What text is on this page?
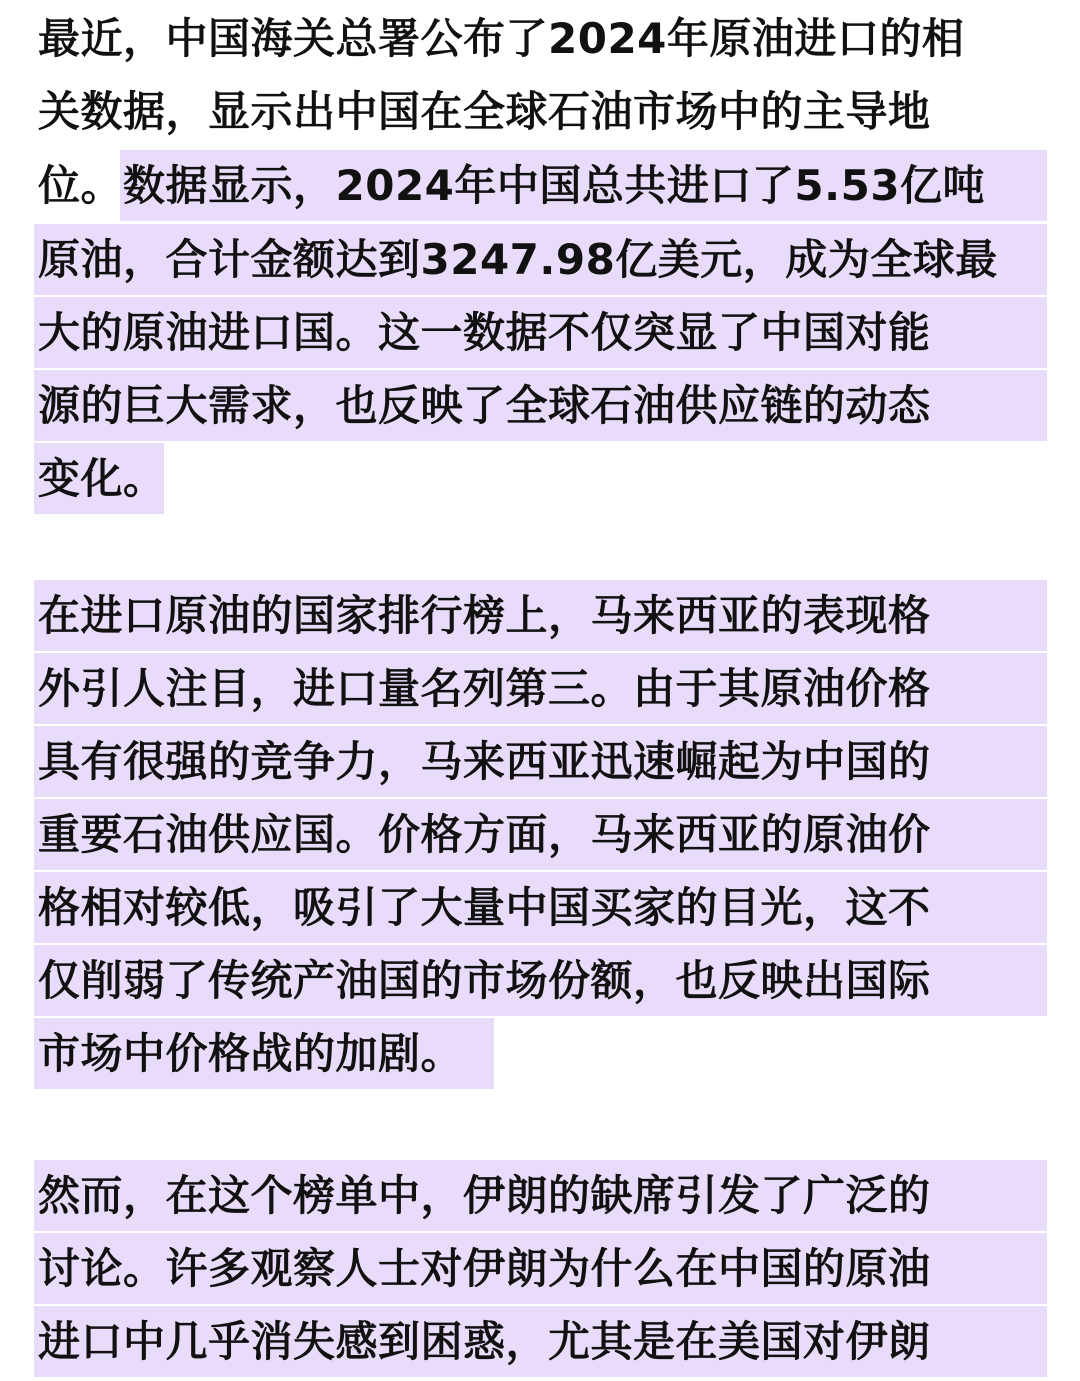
最近，中国海关总署公布了2024年原油进口的相
关数据，显示出中国在全球石油市场中的主导地
位。数据显示，2024年中国总共进口了5.53亿吨
原油，合计金额达到3247.98亿美元，成为全球最
大的原油进口国。这一数据不仅突显了中国对能
源的巨大需求，也反映了全球石油供应链的动态
变化。
在进口原油的国家排行榜上，马来西亚的表现格
外引人注目，进口量名列第三。由于其原油价格
具有很强的竞争力，马来西亚迅速崛起为中国的
重要石油供应国。价格方面，马来西亚的原油价
格相对较低，吸引了大量中国买家的目光，这不
仅削弱了传统产油国的市场份额，也反映出国际
市场中价格战的加剧。
然而，在这个榜单中，伊朗的缺席引发了广泛的
讨论。许多观察人士对伊朗为什么在中国的原油
进口中几乎消失感到困惑，尤其是在美国对伊朗
